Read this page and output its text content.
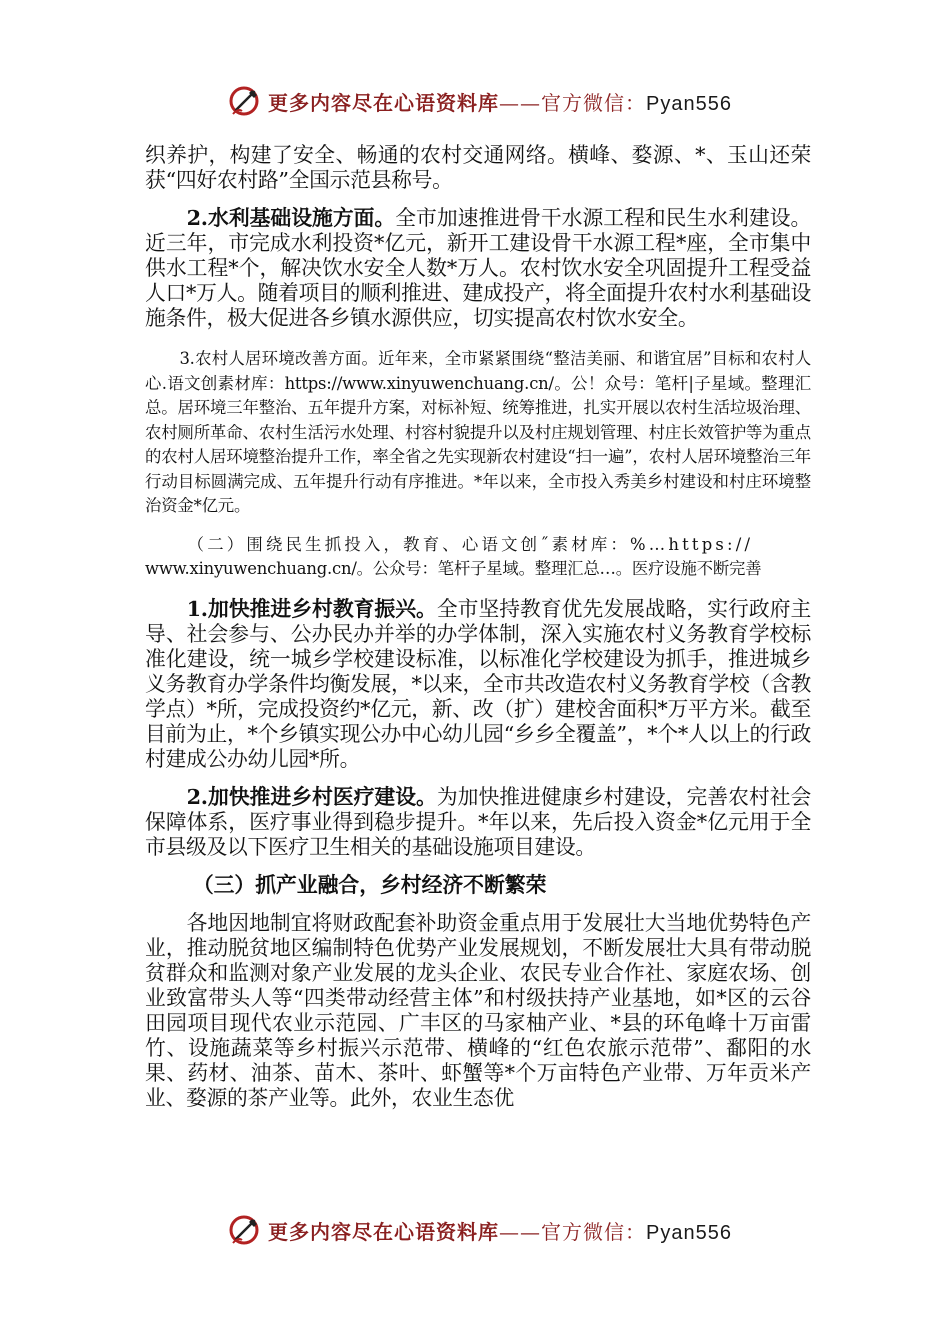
更多内容尽在心语资料库——官方微信：Pyan556

织养护，构建了安全、畅通的农村交通网络。横峰、婺源、*、玉山还荣获“四好农村路”全国示范县称号。

2.水利基础设施方面。全市加速推进骨干水源工程和民生水利建设。近三年，市完成水利投资*亿元，新开工建设骨干水源工程*座，全市集中供水工程*个，解决饮水安全人数*万人。农村饮水安全巩固提升工程受益人口*万人。随着项目的顺利推进、建成投产，将全面提升农村水利基础设施条件，极大促进各乡镇水源供应，切实提高农村饮水安全。

3.农村人居环境改善方面。近年来，全市紧紧围绕“整洁美丽、和谐宜居”目标和农村人心.语文创素材库：https://www.xinyuwenchuang.cn/。公！众号：笔杆|子星域。整理汇总。居环境三年整治、五年提升方案，对标补短、统筹推进，扎实开展以农村生活垃圾治理、农村厕所革命、农村生活污水处理、村容村貌提升以及村庄规划管理、村庄长效管护等为重点的农村人居环境整治提升工作，率全省之先实现新农村建设“扫一遍”，农村人居环境整治三年行动目标圆满完成、五年提升行动有序推进。*年以来，全市投入秀美乡村建设和村庄环境整治资金*亿元。

（二）围绕民生抓投入，教育、心语文创˝素材库：%…https://
www.xinyuwenchuang.cn/。公众号：笔杆子星域。整理汇总…。医疗设施不断完善

1.加快推进乡村教育振兴。全市坚持教育优先发展战略，实行政府主导、社会参与、公办民办并举的办学体制，深入实施农村义务教育学校标准化建设，统一城乡学校建设标准，以标准化学校建设为抓手，推进城乡义务教育办学条件均衡发展，*以来，全市共改造农村义务教育学校（含教学点）*所，完成投资约*亿元，新、改（扩）建校舍面积*万平方米。截至目前为止，*个乡镇实现公办中心幼儿园“乡乡全覆盖”，*个*人以上的行政村建成公办幼儿园*所。

2.加快推进乡村医疗建设。为加快推进健康乡村建设，完善农村社会保障体系，医疗事业得到稳步提升。*年以来，先后投入资金*亿元用于全市县级及以下医疗卫生相关的基础设施项目建设。

（三）抓产业融合，乡村经济不断繁荣

各地因地制宜将财政配套补助资金重点用于发展壮大当地优势特色产业，推动脱贫地区编制特色优势产业发展规划，不断发展壮大具有带动脱贫群众和监测对象产业发展的龙头企业、农民专业合作社、家庭农场、创业致富带头人等“四类带动经营主体”和村级扶持产业基地，如*区的云谷田园项目现代农业示范园、广丰区的马家柚产业、*县的环龟峰十万亩雷竹、设施蔬菜等乡村振兴示范带、横峰的“红色农旅示范带”、鄱阳的水果、药材、油茶、苗木、茶叶、虾蟹等*个万亩特色产业带、万年贡米产业、婺源的茶产业等。此外，农业生态优

更多内容尽在心语资料库——官方微信：Pyan556
